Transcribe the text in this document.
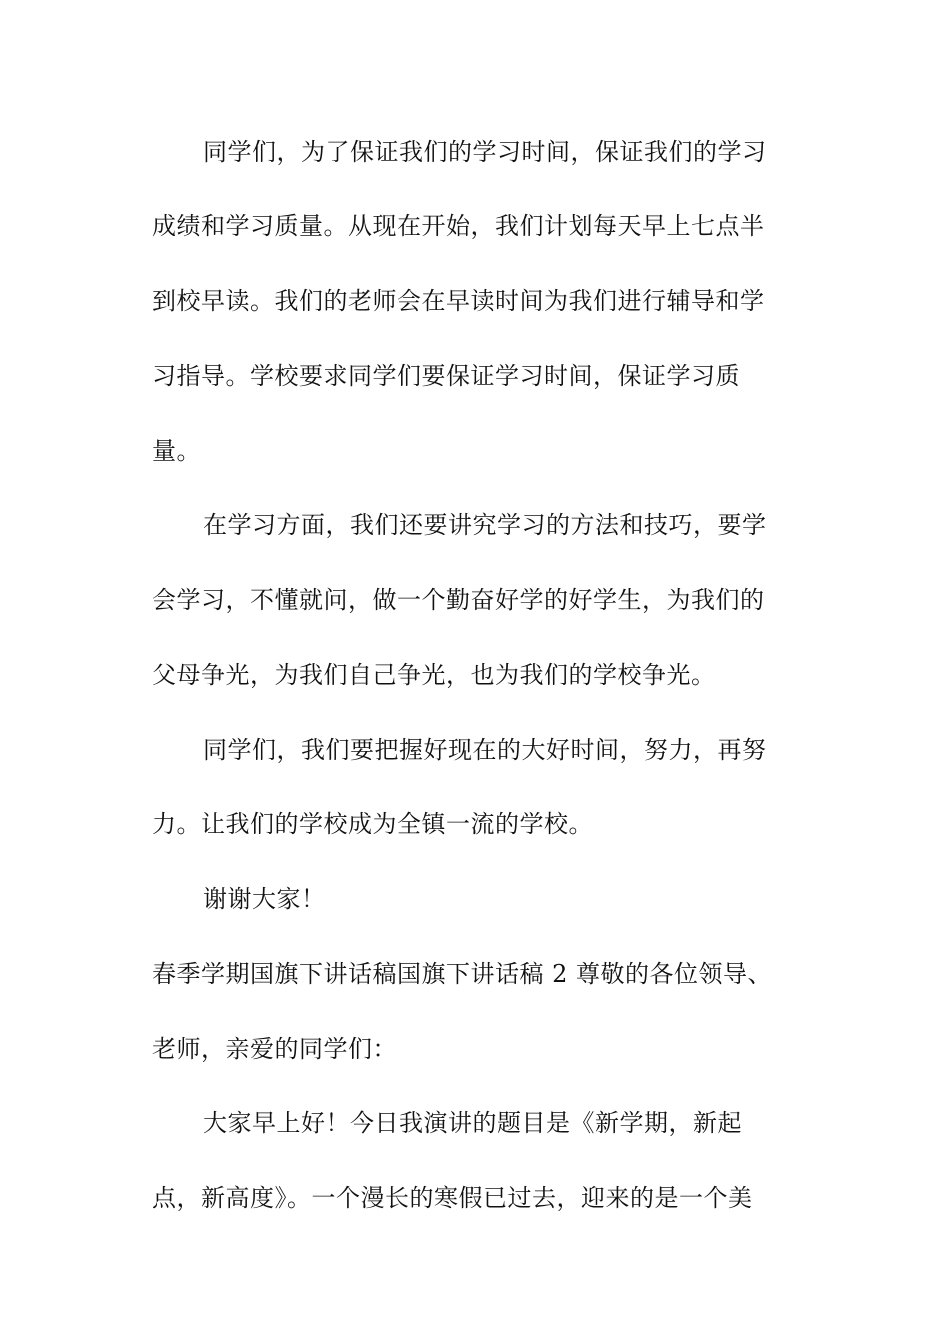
同学们，为了保证我们的学习时间，保证我们的学习
成绩和学习质量。从现在开始，我们计划每天早上七点半
到校早读。我们的老师会在早读时间为我们进行辅导和学
习指导。学校要求同学们要保证学习时间，保证学习质
量。
在学习方面，我们还要讲究学习的方法和技巧，要学
会学习，不懂就问，做一个勤奋好学的好学生，为我们的
父母争光，为我们自己争光，也为我们的学校争光。
同学们，我们要把握好现在的大好时间，努力，再努
力。让我们的学校成为全镇一流的学校。
谢谢大家！
春季学期国旗下讲话稿国旗下讲话稿 2 尊敬的各位领导、
老师，亲爱的同学们：
大家早上好！今日我演讲的题目是《新学期，新起
点，新高度》。一个漫长的寒假已过去，迎来的是一个美
